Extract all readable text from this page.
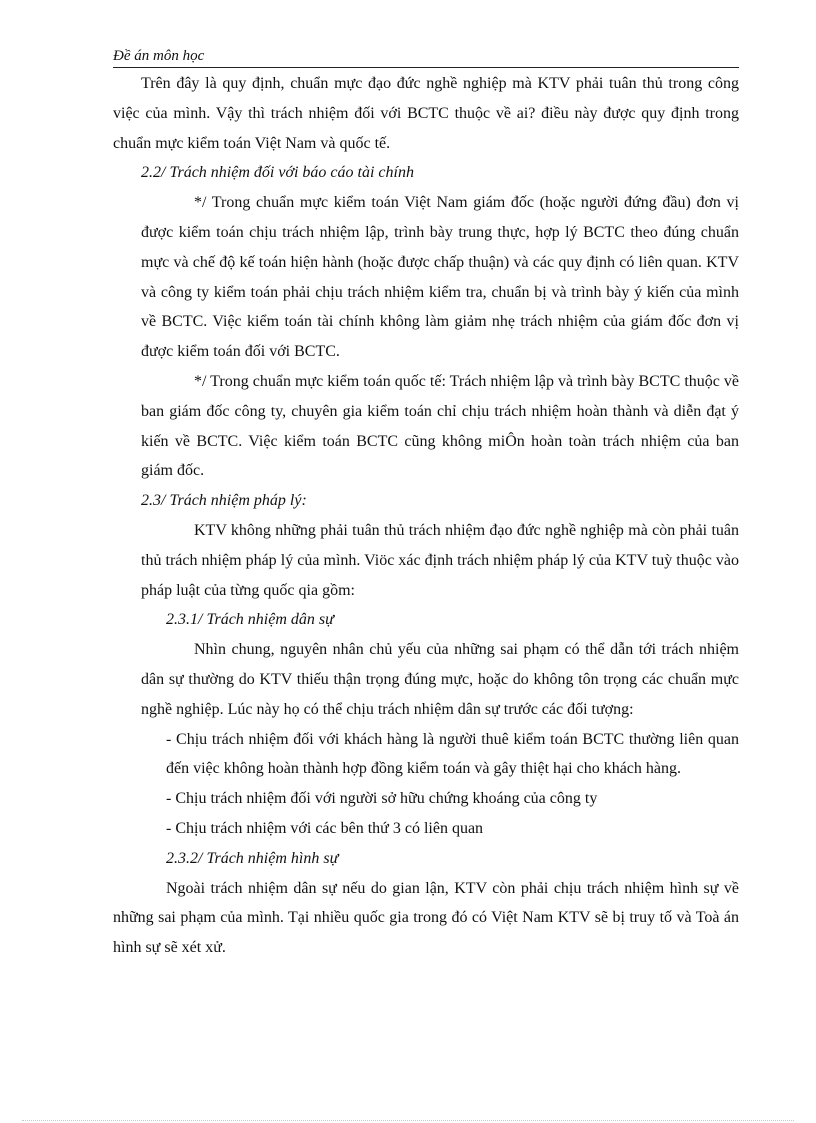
Đề án môn học
Trên đây là quy định, chuẩn mực đạo đức nghề nghiệp mà KTV phải tuân thủ trong công việc của mình. Vậy thì trách nhiệm đối với BCTC thuộc về ai? điều này được quy định trong chuẩn mực kiểm toán Việt Nam và quốc tế.
2.2/ Trách nhiệm đối với báo cáo tài chính
*/ Trong chuẩn mực kiểm toán Việt Nam giám đốc (hoặc người đứng đầu) đơn vị được kiểm toán chịu trách nhiệm lập, trình bày trung thực, hợp lý BCTC theo đúng chuẩn mực và chế độ kế toán hiện hành (hoặc được chấp thuận) và các quy định có liên quan. KTV và công ty kiểm toán phải chịu trách nhiệm kiểm tra, chuẩn bị và trình bày ý kiến của mình về BCTC. Việc kiểm toán tài chính không làm giảm nhẹ trách nhiệm của giám đốc đơn vị được kiểm toán đối với BCTC.
*/ Trong chuẩn mực kiểm toán quốc tế: Trách nhiệm lập và trình bày BCTC thuộc về ban giám đốc công ty, chuyên gia kiểm toán chỉ chịu trách nhiệm hoàn thành và diễn đạt ý kiến về BCTC. Việc kiểm toán BCTC cũng không miÔn hoàn toàn trách nhiệm của ban giám đốc.
2.3/ Trách nhiệm pháp lý:
KTV không những phải tuân thủ trách nhiệm đạo đức nghề nghiệp mà còn phải tuân thủ trách nhiệm pháp lý của mình. Viöc xác định trách nhiệm pháp lý của KTV tuỳ thuộc vào pháp luật của từng quốc qia gồm:
2.3.1/ Trách nhiệm dân sự
Nhìn chung, nguyên nhân chủ yếu của những sai phạm có thể dẫn tới trách nhiệm dân sự thường do KTV thiếu thận trọng đúng mực, hoặc do không tôn trọng các chuẩn mực nghề nghiệp. Lúc này họ có thể chịu trách nhiệm dân sự trước các đối tượng:
- Chịu trách nhiệm đối với khách hàng là người thuê kiểm toán BCTC thường liên quan đến việc không hoàn thành hợp đồng kiểm toán và gây thiệt hại cho khách hàng.
- Chịu trách nhiệm đối với người sở hữu chứng khoáng của công ty
- Chịu trách nhiệm với các bên thứ 3 có liên quan
2.3.2/ Trách nhiệm hình sự
Ngoài trách nhiệm dân sự nếu do gian lận, KTV còn phải chịu trách nhiệm hình sự về những sai phạm của mình. Tại nhiều quốc gia trong đó có Việt Nam KTV sẽ bị truy tố và Toà án hình sự sẽ xét xử.
